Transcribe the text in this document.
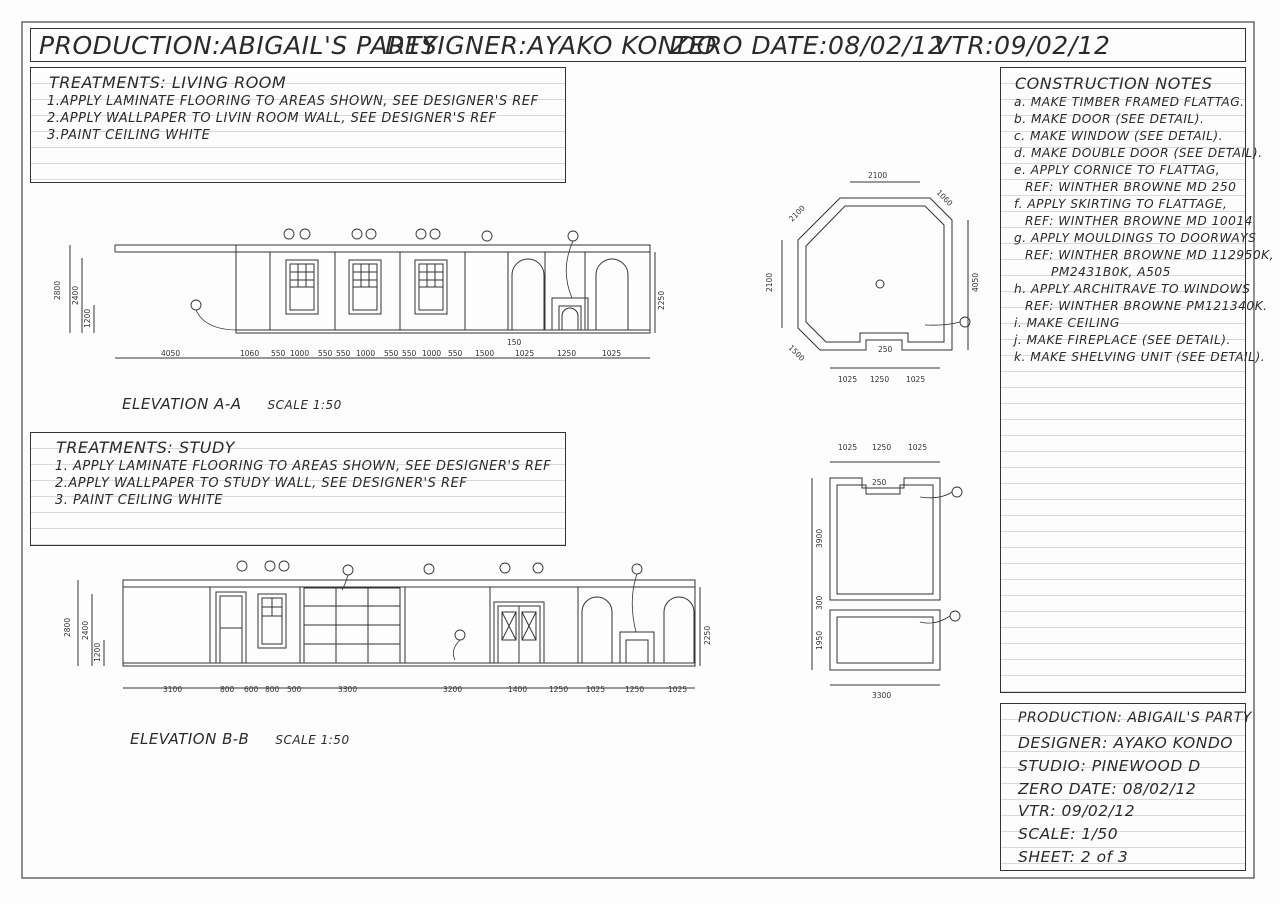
4050	1060 550 1000 550 550 1000 550 550 1000 550 1500
150
1025	1250	1025
2800 2400
1200
2250
3100	800 600 800 500	3300	3200	1400	1250 1025	1250	1025
2800 2400
1200
2250
2100
1060
2100
2100	4050
1500
1025 1250 1025
250
1025 1250 1025
3900
300
1950
3300
250
PRODUCTION:ABIGAIL'S PARTY
DESIGNER:AYAKO KONDO
ZERO DATE:08/02/12
VTR:09/02/12
TREATMENTS: LIVING ROOM
1.APPLY LAMINATE FLOORING TO AREAS SHOWN, SEE DESIGNER'S REF
2.APPLY WALLPAPER TO LIVIN ROOM WALL, SEE DESIGNER'S REF
3.PAINT CEILING WHITE
TREATMENTS: STUDY
1. APPLY LAMINATE FLOORING TO AREAS SHOWN, SEE DESIGNER'S REF
2.APPLY WALLPAPER TO STUDY WALL, SEE DESIGNER'S REF
3. PAINT CEILING WHITE
ELEVATION A-A SCALE 1:50
ELEVATION B-B SCALE 1:50
CONSTRUCTION NOTES
a. MAKE TIMBER FRAMED FLATTAG.
b. MAKE DOOR (SEE DETAIL).
c. MAKE WINDOW (SEE DETAIL).
d. MAKE DOUBLE DOOR (SEE DETAIL).
e. APPLY CORNICE TO FLATTAG,
REF: WINTHER BROWNE MD 250
f. APPLY SKIRTING TO FLATTAGE,
REF: WINTHER BROWNE MD 10014
g. APPLY MOULDINGS TO DOORWAYS
REF: WINTHER BROWNE MD 112950K,
PM2431B0K, A505
h. APPLY ARCHITRAVE TO WINDOWS
REF: WINTHER BROWNE PM121340K.
i. MAKE CEILING
j. MAKE FIREPLACE (SEE DETAIL).
k. MAKE SHELVING UNIT (SEE DETAIL).
PRODUCTION: ABIGAIL'S PARTY
DESIGNER: AYAKO KONDO
STUDIO: PINEWOOD D
ZERO DATE: 08/02/12
VTR: 09/02/12
SCALE: 1/50
SHEET: 2 of 3
